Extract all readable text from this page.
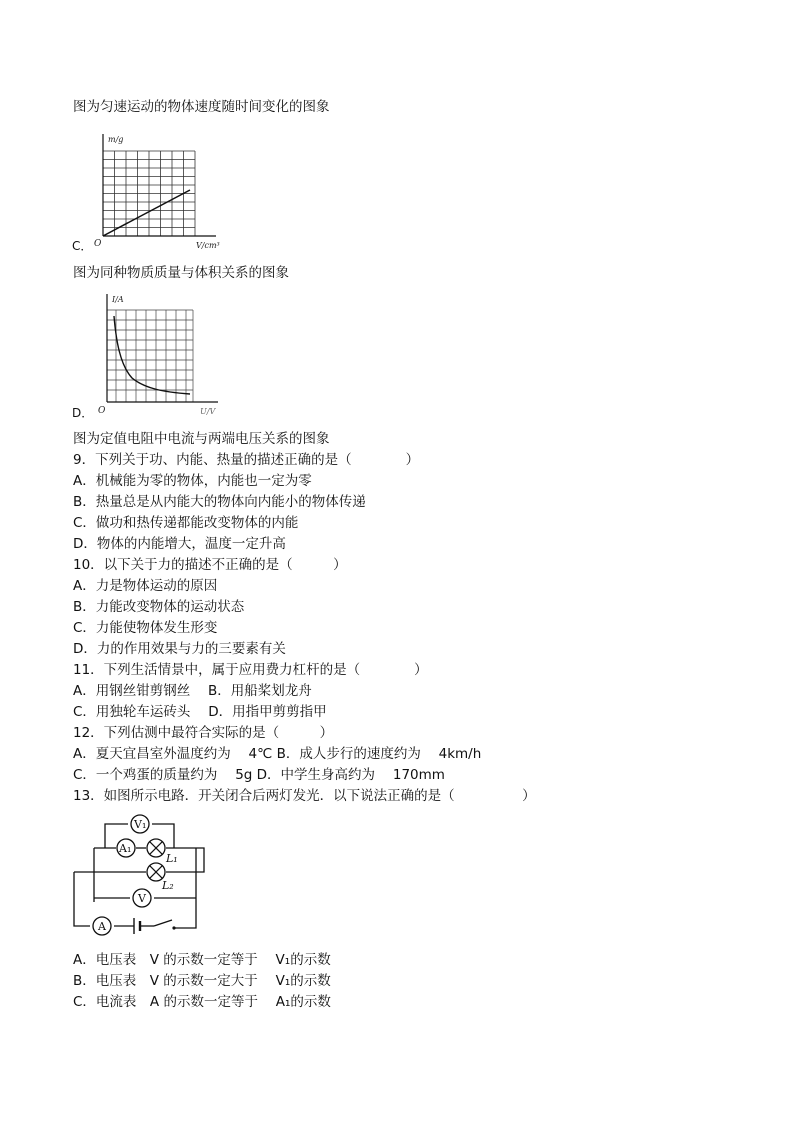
图为匀速运动的物体速度随时间变化的图象
C．
m/g
O	V/cm³
图为同种物质质量与体积关系的图象
D．
I/A
O	U/V
图为定值电阻中电流与两端电压关系的图象
9．下列关于功、内能、热量的描述正确的是（　　　　）
A．机械能为零的物体，内能也一定为零
B．热量总是从内能大的物体向内能小的物体传递
C．做功和热传递都能改变物体的内能
D．物体的内能增大，温度一定升高
10．以下关于力的描述不正确的是（　　　）
A．力是物体运动的原因
B．力能改变物体的运动状态
C．力能使物体发生形变
D．力的作用效果与力的三要素有关
11．下列生活情景中，属于应用费力杠杆的是（　　　　）
A．用钢丝钳剪钢丝　 B．用船桨划龙舟
C．用独轮车运砖头　 D．用指甲剪剪指甲
12．下列估测中最符合实际的是（　　　）
A．夏天宜昌室外温度约为　 4℃ B．成人步行的速度约为　 4km/h
C．一个鸡蛋的质量约为　 5g D．中学生身高约为　 170mm
13．如图所示电路．开关闭合后两灯发光．以下说法正确的是（　　　　　）
V₁
A₁
V
A
L₁
L₂
A．电压表　V 的示数一定等于　 V₁的示数
B．电压表　V 的示数一定大于　 V₁的示数
C．电流表　A 的示数一定等于　 A₁的示数
